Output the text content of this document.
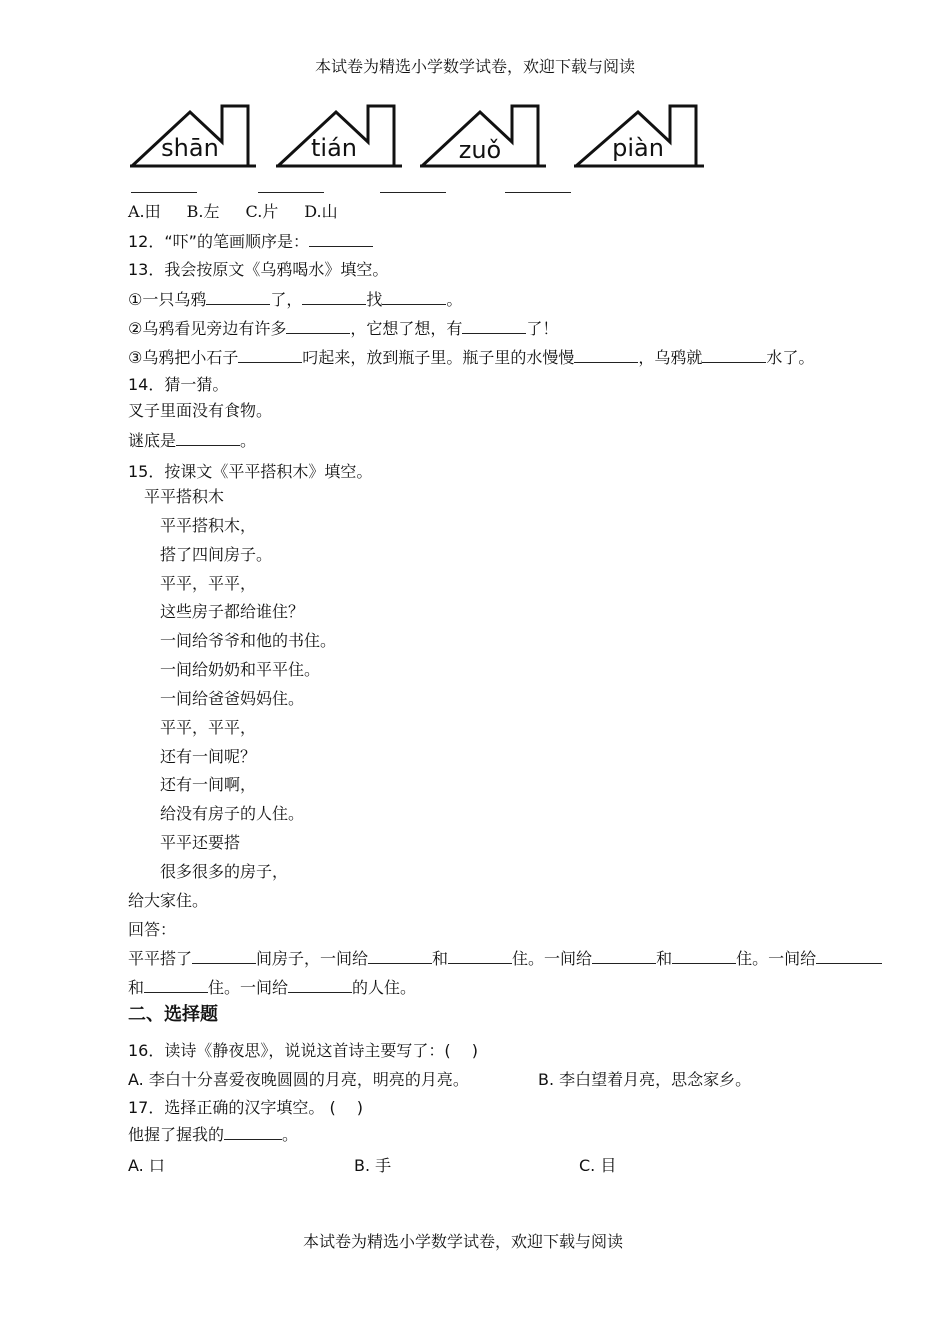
本试卷为精选小学数学试卷，欢迎下载与阅读
shān	tián	zuǒ	piàn
A.田 B.左 C.片 D.山
12．“吓”的笔画顺序是：
13．我会按原文《乌鸦喝水》填空。
①一只乌鸦	了，	找	。
②乌鸦看见旁边有许多	，它想了想，有	了！
③乌鸦把小石子	叼起来，放到瓶子里。瓶子里的水慢慢	，乌鸦就	水了。
14．猜一猜。
叉子里面没有食物。
谜底是	。
15．按课文《平平搭积木》填空。
平平搭积木
平平搭积木，
搭了四间房子。
平平，平平，
这些房子都给谁住？
一间给爷爷和他的书住。
一间给奶奶和平平住。
一间给爸爸妈妈住。
平平，平平，
还有一间呢？
还有一间啊，
给没有房子的人住。
平平还要搭
很多很多的房子，
给大家住。
回答：
平平搭了	间房子，一间给	和	住。一间给	和	住。一间给
和	住。一间给	的人住。
二、选择题
16．读诗《静夜思》，说说这首诗主要写了：(　 )
A. 李白十分喜爱夜晚圆圆的月亮，明亮的月亮。	B. 李白望着月亮，思念家乡。
17．选择正确的汉字填空。 (　 )
他握了握我的	。
A. 口	B. 手	C. 目
本试卷为精选小学数学试卷，欢迎下载与阅读
